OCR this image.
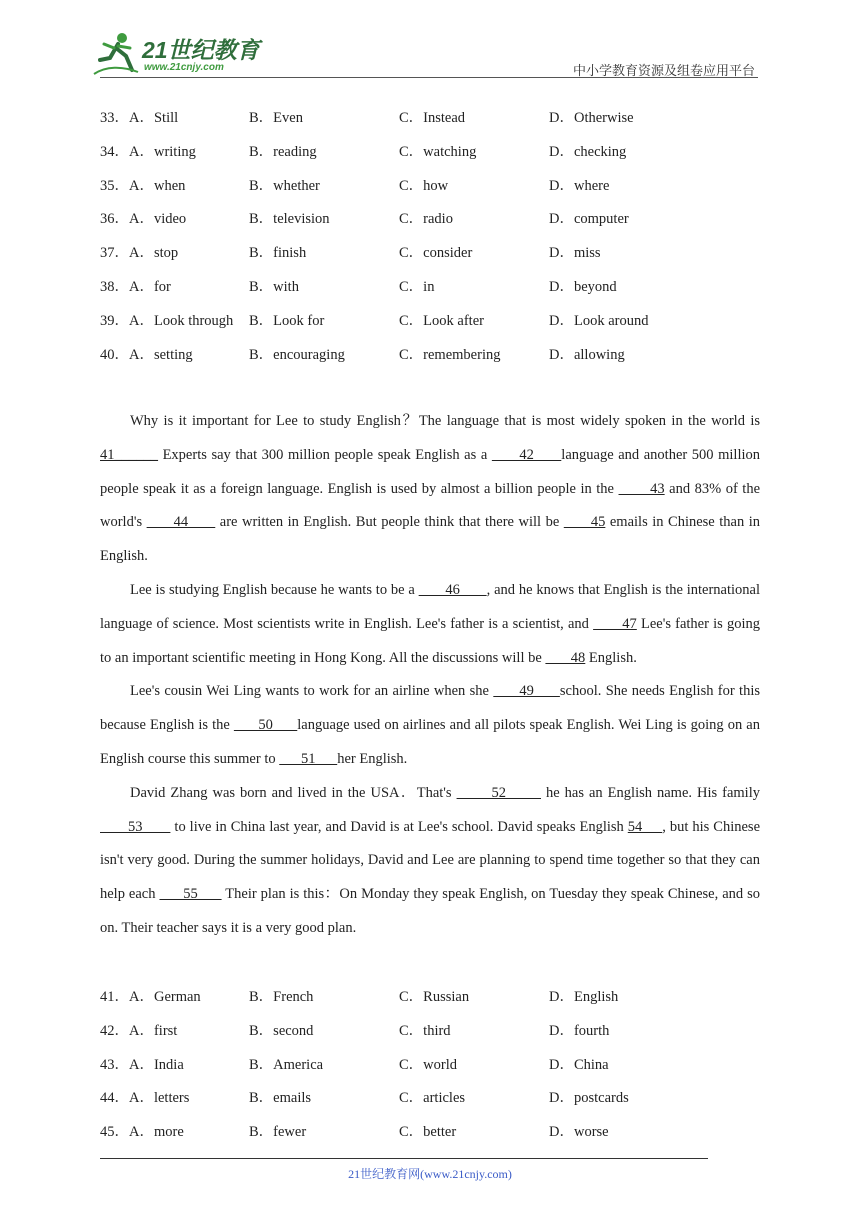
21世纪教育
www.21cnjy.com	中小学教育资源及组卷应用平台
33．A．Still	B．Even	C．Instead	D．Otherwise
34．A．writing	B．reading	C．watching	D．checking
35．A．when	B．whether	C．how	D．where
36．A．video	B．television	C．radio	D．computer
37．A．stop	B．finish	C．consider	D．miss
38．A．for	B．with	C．in	D．beyond
39．A．Look through B．Look for	C．Look after	D．Look around
40．A．setting	B．encouraging	C．remembering	D．allowing

Why is it important for Lee to study English？The language that is most widely spoken in the world is 41______ Experts say that 300 million people speak English as a       42      language and another 500 million people speak it as a foreign language. English is used by almost a billion people in the        43 and 83% of the world's       44       are written in English. But people think that there will be       45 emails in Chinese than in English.

Lee is studying English because he wants to be a        46       , and he knows that English is the international language of science. Most scientists write in English. Lee's father is a scientist, and        47 Lee's father is going to an important scientific meeting in Hong Kong. All the discussions will be        48 English.

Lee's cousin Wei Ling wants to work for an airline when she       49      school. She needs English for this because English is the       50      language used on airlines and all pilots speak English. Wei Ling is going on an English course this summer to       51      her English.

David Zhang was born and lived in the USA．That's        52        he has an English name. His family        53        to live in China last year, and David is at Lee's school. David speaks English 54     , but his Chinese isn't very good. During the summer holidays, David and Lee are planning to spend time together so that they can help each       55       Their plan is this：On Monday they speak English, on Tuesday they speak Chinese, and so on. Their teacher says it is a very good plan.

41．A．German	B．French	C．Russian	D．English
42．A．first	B．second	C．third	D．fourth
43．A．India	B．America	C．world	D．China
44．A．letters	B．emails	C．articles	D．postcards
45．A．more	B．fewer	C．better	D．worse
21世纪教育网(www.21cnjy.com)
